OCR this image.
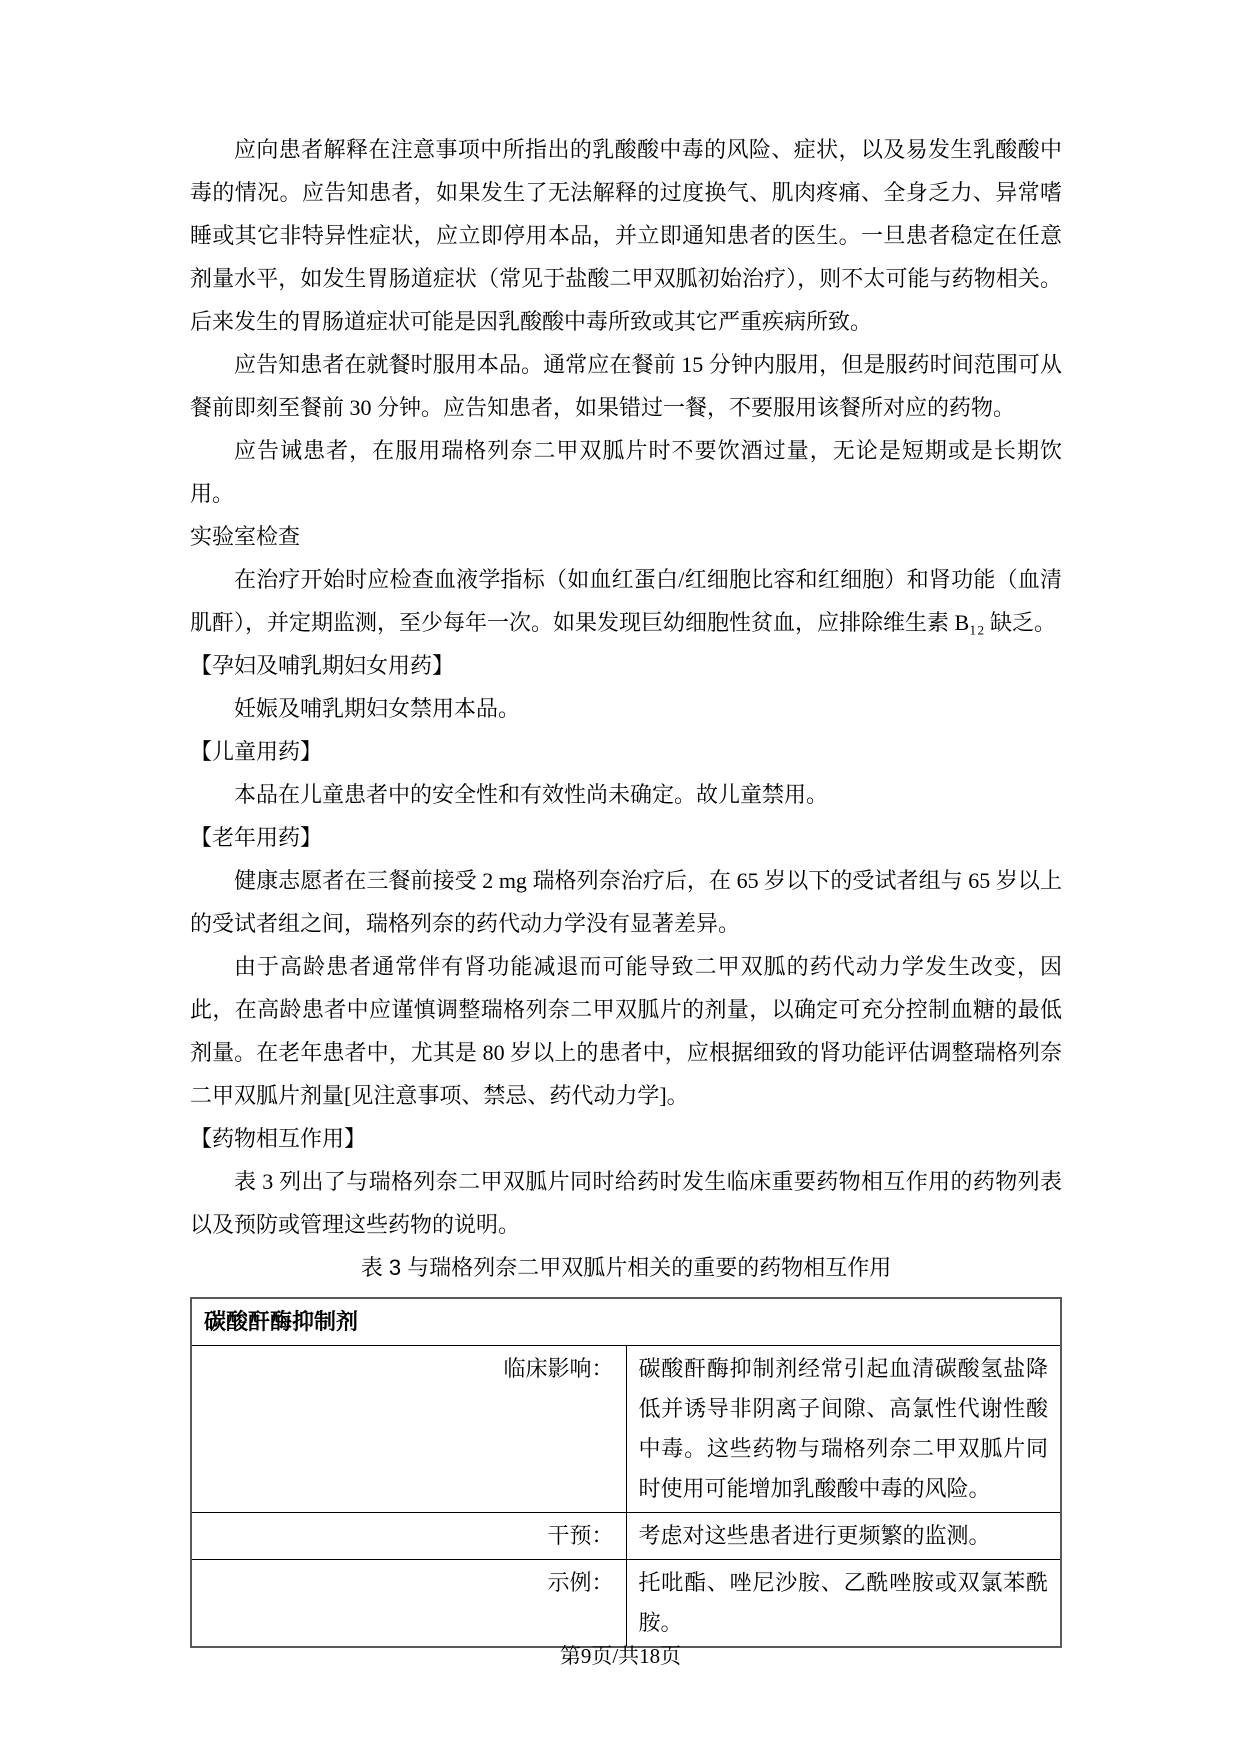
应向患者解释在注意事项中所指出的乳酸酸中毒的风险、症状，以及易发生乳酸酸中毒的情况。应告知患者，如果发生了无法解释的过度换气、肌肉疼痛、全身乏力、异常嗜睡或其它非特异性症状，应立即停用本品，并立即通知患者的医生。一旦患者稳定在任意剂量水平，如发生胃肠道症状（常见于盐酸二甲双胍初始治疗），则不太可能与药物相关。后来发生的胃肠道症状可能是因乳酸酸中毒所致或其它严重疾病所致。

应告知患者在就餐时服用本品。通常应在餐前 15 分钟内服用，但是服药时间范围可从餐前即刻至餐前 30 分钟。应告知患者，如果错过一餐，不要服用该餐所对应的药物。

应告诫患者，在服用瑞格列奈二甲双胍片时不要饮酒过量，无论是短期或是长期饮用。

实验室检查

在治疗开始时应检查血液学指标（如血红蛋白/红细胞比容和红细胞）和肾功能（血清肌酐），并定期监测，至少每年一次。如果发现巨幼细胞性贫血，应排除维生素 B₁₂ 缺乏。

【孕妇及哺乳期妇女用药】

妊娠及哺乳期妇女禁用本品。

【儿童用药】

本品在儿童患者中的安全性和有效性尚未确定。故儿童禁用。

【老年用药】

健康志愿者在三餐前接受 2 mg 瑞格列奈治疗后，在 65 岁以下的受试者组与 65 岁以上的受试者组之间，瑞格列奈的药代动力学没有显著差异。

由于高龄患者通常伴有肾功能减退而可能导致二甲双胍的药代动力学发生改变，因此，在高龄患者中应谨慎调整瑞格列奈二甲双胍片的剂量，以确定可充分控制血糖的最低剂量。在老年患者中，尤其是 80 岁以上的患者中，应根据细致的肾功能评估调整瑞格列奈二甲双胍片剂量[见注意事项、禁忌、药代动力学]。

【药物相互作用】

表 3 列出了与瑞格列奈二甲双胍片同时给药时发生临床重要药物相互作用的药物列表以及预防或管理这些药物的说明。

表 3 与瑞格列奈二甲双胍片相关的重要的药物相互作用

碳酸酐酶抑制剂	
临床影响：	碳酸酐酶抑制剂经常引起血清碳酸氢盐降低并诱导非阴离子间隙、高氯性代谢性酸中毒。这些药物与瑞格列奈二甲双胍片同时使用可能增加乳酸酸中毒的风险。
干预：	考虑对这些患者进行更频繁的监测。
示例：	托吡酯、唑尼沙胺、乙酰唑胺或双氯苯酰胺。
第9页/共18页
